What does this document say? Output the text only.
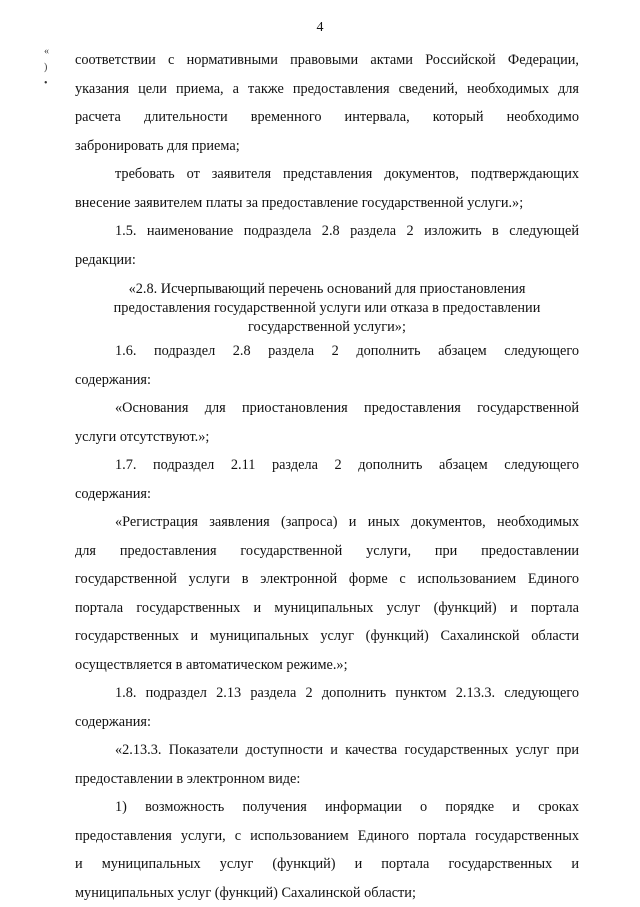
4
«
)
•
соответствии с нормативными правовыми актами Российской Федерации,
указания цели приема, а также предоставления сведений, необходимых для
расчета длительности временного интервала, который необходимо
забронировать для приема;
требовать от заявителя представления документов, подтверждающих
внесение заявителем платы за предоставление государственной услуги.»;
1.5. наименование подраздела 2.8 раздела 2 изложить в следующей
редакции:
«2.8. Исчерпывающий перечень оснований для приостановления
предоставления государственной услуги или отказа в предоставлении
государственной услуги»;
1.6. подраздел 2.8 раздела 2 дополнить абзацем следующего
содержания:
«Основания для приостановления предоставления государственной
услуги отсутствуют.»;
1.7. подраздел 2.11 раздела 2 дополнить абзацем следующего
содержания:
«Регистрация заявления (запроса) и иных документов, необходимых
для предоставления государственной услуги, при предоставлении
государственной услуги в электронной форме с использованием Единого
портала государственных и муниципальных услуг (функций) и портала
государственных и муниципальных услуг (функций) Сахалинской области
осуществляется в автоматическом режиме.»;
1.8. подраздел 2.13 раздела 2 дополнить пунктом 2.13.3. следующего
содержания:
«2.13.3. Показатели доступности и качества государственных услуг при
предоставлении в электронном виде:
1) возможность получения информации о порядке и сроках
предоставления услуги, с использованием Единого портала государственных
и муниципальных услуг (функций) и портала государственных и
муниципальных услуг (функций) Сахалинской области;
